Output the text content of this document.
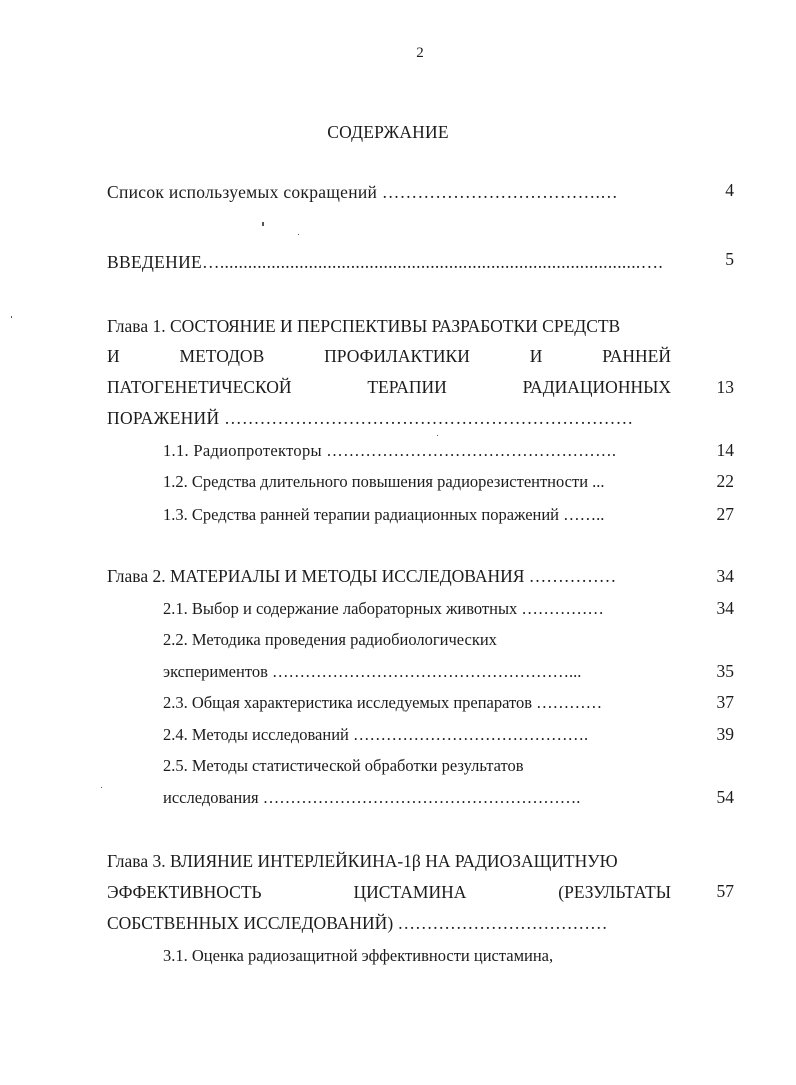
2
СОДЕРЖАНИЕ
Список используемых сокращений ……………………………….…	4
ВВЕДЕНИЕ…..........................................................................................….	5
Глава 1. СОСТОЯНИЕ И ПЕРСПЕКТИВЫ РАЗРАБОТКИ СРЕДСТВ
И МЕТОДОВ ПРОФИЛАКТИКИ И РАННЕЙ
ПАТОГЕНЕТИЧЕСКОЙ ТЕРАПИИ РАДИАЦИОННЫХ	13
ПОРАЖЕНИЙ ……………………………………………………………
1.1. Радиопротекторы …………………………………………….	14
1.2. Средства длительного повышения радиорезистентности ...	22
1.3. Средства ранней терапии радиационных поражений ……..	27
Глава 2. МАТЕРИАЛЫ И МЕТОДЫ ИССЛЕДОВАНИЯ ……………	34
2.1. Выбор и содержание лабораторных животных ……………	34
2.2. Методика проведения радиобиологических
экспериментов ………………………………………………...	35
2.3. Общая характеристика исследуемых препаратов …………	37
2.4. Методы исследований …………………………………….	39
2.5. Методы статистической обработки результатов
исследования ………………………………………………….	54
Глава 3. ВЛИЯНИЕ ИНТЕРЛЕЙКИНА-1β НА РАДИОЗАЩИТНУЮ
ЭФФЕКТИВНОСТЬ ЦИСТАМИНА (РЕЗУЛЬТАТЫ	57
СОБСТВЕННЫХ ИССЛЕДОВАНИЙ) ………………………………
3.1. Оценка радиозащитной эффективности цистамина,
